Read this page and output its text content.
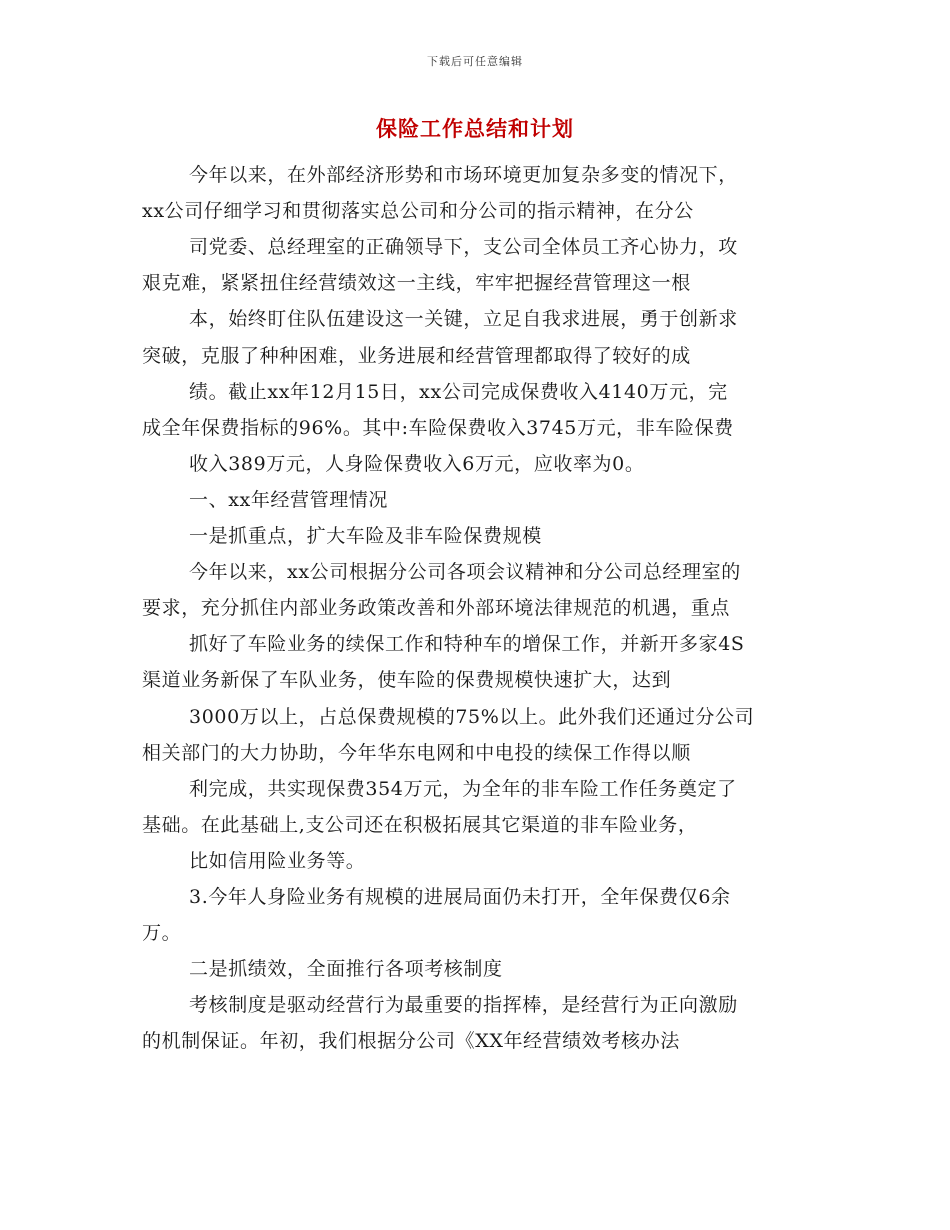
下载后可任意编辑
保险工作总结和计划
今年以来，在外部经济形势和市场环境更加复杂多变的情况下，
xx公司仔细学习和贯彻落实总公司和分公司的指示精神，在分公
司党委、总经理室的正确领导下，支公司全体员工齐心协力，攻
艰克难，紧紧扭住经营绩效这一主线，牢牢把握经营管理这一根
本，始终盯住队伍建设这一关键，立足自我求进展，勇于创新求
突破，克服了种种困难，业务进展和经营管理都取得了较好的成
绩。截止xx年12月15日，xx公司完成保费收入4140万元，完
成全年保费指标的96%。其中:车险保费收入3745万元，非车险保费
收入389万元，人身险保费收入6万元，应收率为0。
一、xx年经营管理情况
一是抓重点，扩大车险及非车险保费规模
今年以来，xx公司根据分公司各项会议精神和分公司总经理室的
要求，充分抓住内部业务政策改善和外部环境法律规范的机遇，重点
抓好了车险业务的续保工作和特种车的增保工作，并新开多家4S
渠道业务新保了车队业务，使车险的保费规模快速扩大，达到
3000万以上，占总保费规模的75%以上。此外我们还通过分公司
相关部门的大力协助，今年华东电网和中电投的续保工作得以顺
利完成，共实现保费354万元，为全年的非车险工作任务奠定了
基础。在此基础上,支公司还在积极拓展其它渠道的非车险业务，
比如信用险业务等。
3.今年人身险业务有规模的进展局面仍未打开，全年保费仅6余
万。
二是抓绩效，全面推行各项考核制度
考核制度是驱动经营行为最重要的指挥棒，是经营行为正向激励
的机制保证。年初，我们根据分公司《XX年经营绩效考核办法
